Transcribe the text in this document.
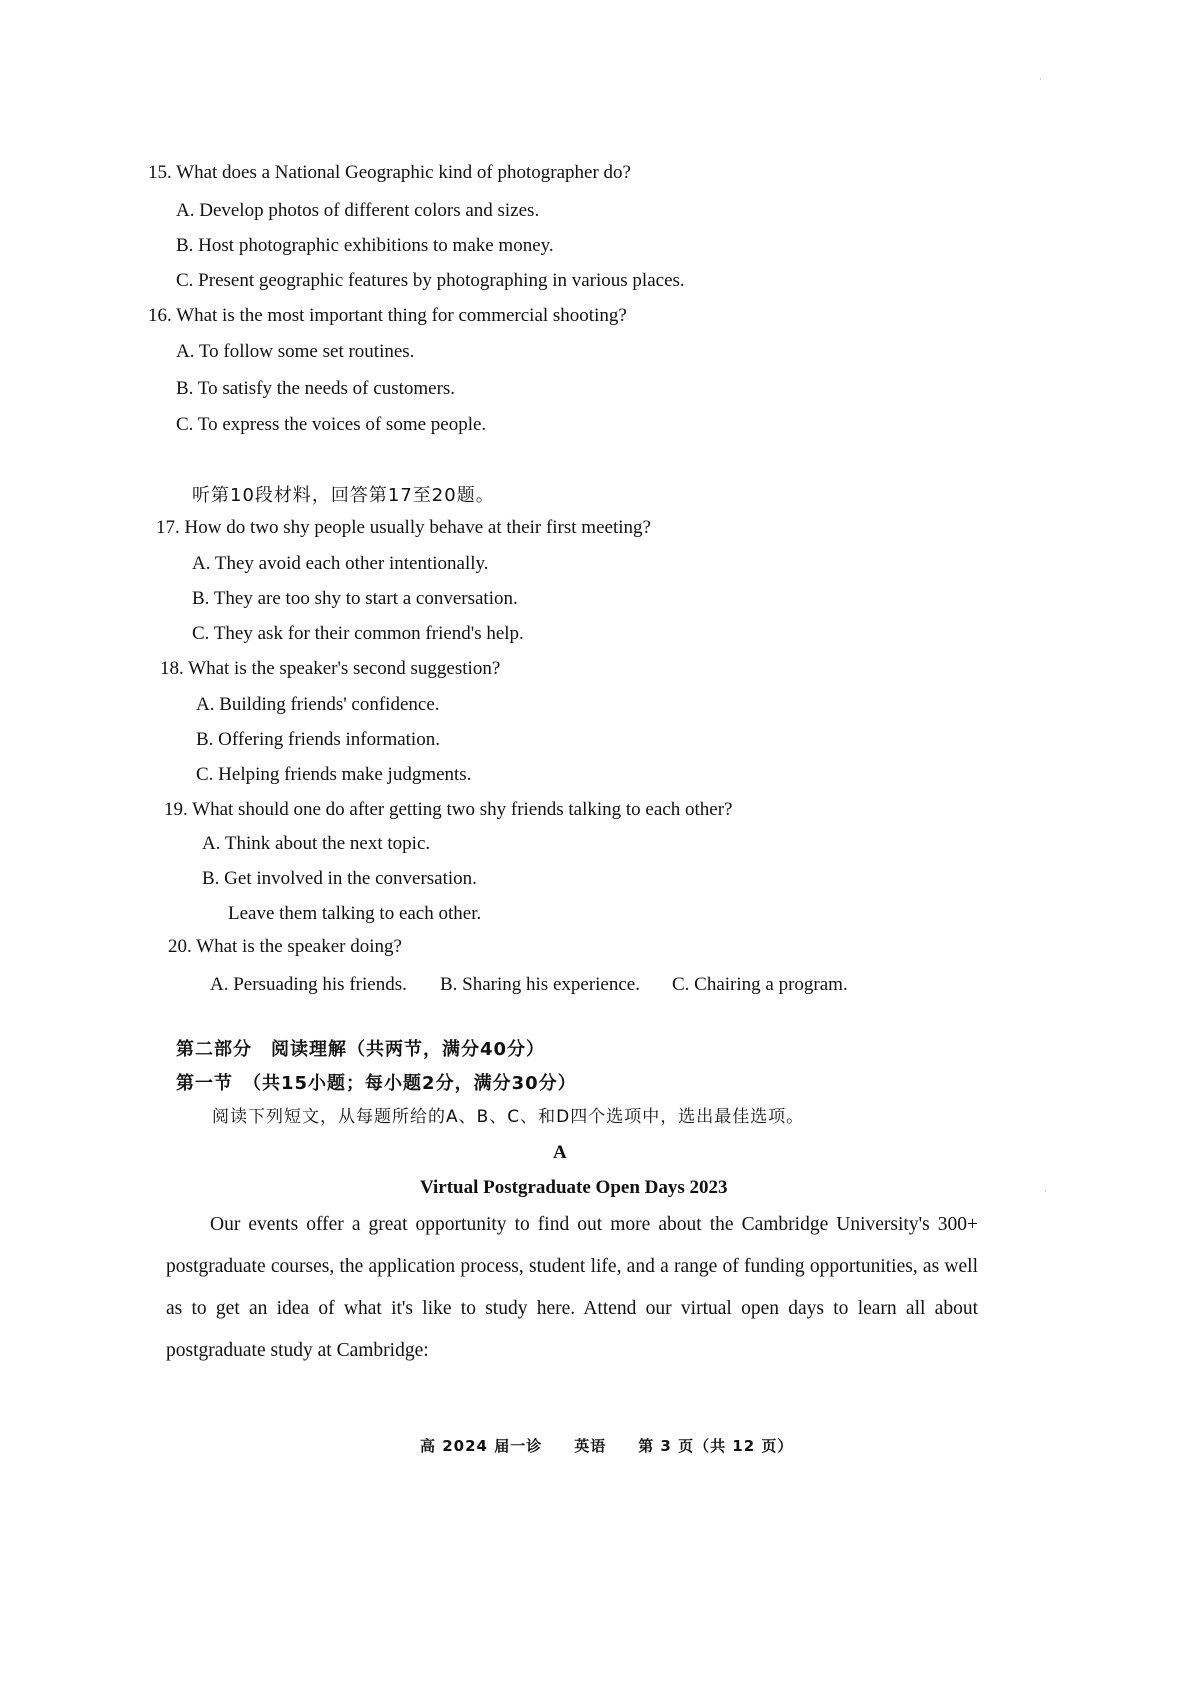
15. What does a National Geographic kind of photographer do?
A. Develop photos of different colors and sizes.
B. Host photographic exhibitions to make money.
C. Present geographic features by photographing in various places.
16. What is the most important thing for commercial shooting?
A. To follow some set routines.
B. To satisfy the needs of customers.
C. To express the voices of some people.
听第10段材料，回答第17至20题。
17. How do two shy people usually behave at their first meeting?
A. They avoid each other intentionally.
B. They are too shy to start a conversation.
C. They ask for their common friend's help.
18. What is the speaker's second suggestion?
A. Building friends' confidence.
B. Offering friends information.
C. Helping friends make judgments.
19. What should one do after getting two shy friends talking to each other?
A. Think about the next topic.
B. Get involved in the conversation.
Leave them talking to each other.
20. What is the speaker doing?
A. Persuading his friends. B. Sharing his experience. C. Chairing a program.
第二部分　阅读理解（共两节，满分40分）
第一节　（共15小题；每小题2分，满分30分）
阅读下列短文，从每题所给的A、B、C、和D四个选项中，选出最佳选项。
A
Virtual Postgraduate Open Days 2023
Our events offer a great opportunity to find out more about the Cambridge University's 300+ postgraduate courses, the application process, student life, and a range of funding opportunities, as well as to get an idea of what it's like to study here. Attend our virtual open days to learn all about postgraduate study at Cambridge:
高 2024 届一诊　　英语　　第 3 页（共 12 页）
